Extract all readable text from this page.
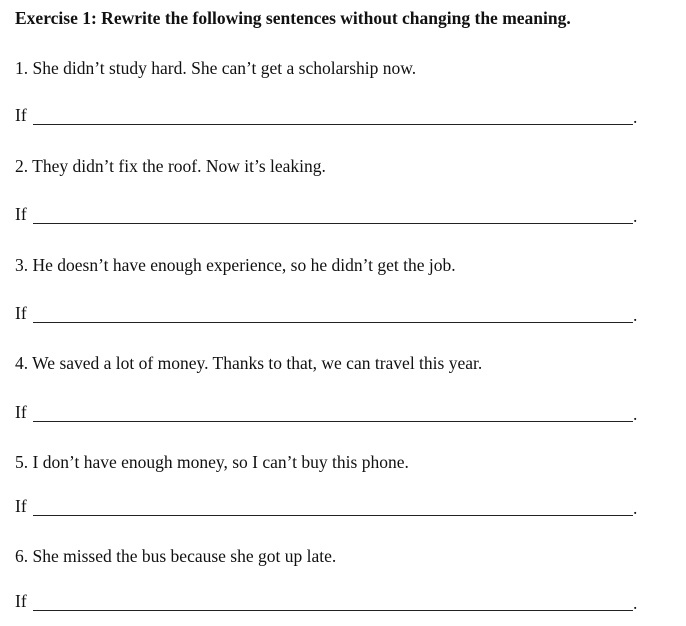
Exercise 1: Rewrite the following sentences without changing the meaning.
1. She didn’t study hard. She can’t get a scholarship now.
If	.
2. They didn’t fix the roof. Now it’s leaking.
If	.
3. He doesn’t have enough experience, so he didn’t get the job.
If	.
4. We saved a lot of money. Thanks to that, we can travel this year.
If	.
5. I don’t have enough money, so I can’t buy this phone.
If	.
6. She missed the bus because she got up late.
If	.
